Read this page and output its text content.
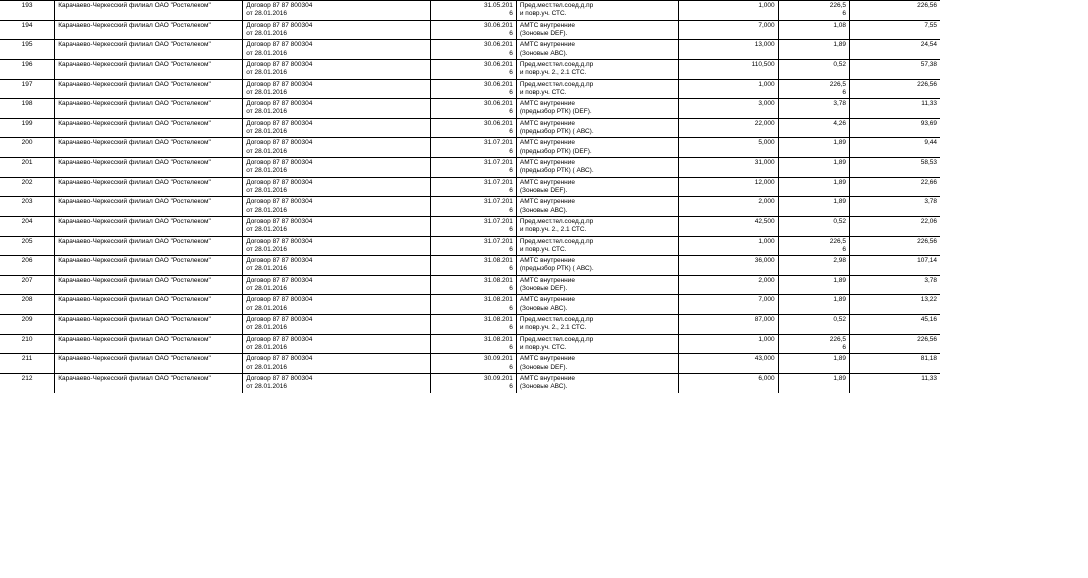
193	Карачаево-Черкесский филиал ОАО "Ростелеком"	Договор 87 87 800304
от 28.01.2016	31.05.201
6	Пред.мест.тел.соед.д.пр
и повр.уч. СТС.	1,000	226,5
6	226,56

194	Карачаево-Черкесский филиал ОАО "Ростелеком"	Договор 87 87 800304
от 28.01.2016	30.06.201
6	АМТС внутренние
(Зоновые DEF).	7,000	1,08	7,55

195	Карачаево-Черкесский филиал ОАО "Ростелеком"	Договор 87 87 800304
от 28.01.2016	30.06.201
6	АМТС внутренние
(Зоновые АВС).	13,000	1,89	24,54

196	Карачаево-Черкесский филиал ОАО "Ростелеком"	Договор 87 87 800304
от 28.01.2016	30.06.201
6	Пред.мест.тел.соед.д.пр
и повр.уч. 2., 2.1 СТС.	110,500	0,52	57,38

197	Карачаево-Черкесский филиал ОАО "Ростелеком"	Договор 87 87 800304
от 28.01.2016	30.06.201
6	Пред.мест.тел.соед.д.пр
и повр.уч. СТС.	1,000	226,5
6	226,56

198	Карачаево-Черкесский филиал ОАО "Ростелеком"	Договор 87 87 800304
от 28.01.2016	30.06.201
6	АМТС внутренние
(предызбор РТК) (DEF).	3,000	3,78	11,33

199	Карачаево-Черкесский филиал ОАО "Ростелеком"	Договор 87 87 800304
от 28.01.2016	30.06.201
6	АМТС внутренние
(предызбор РТК) ( АВС).	22,000	4,26	93,69

200	Карачаево-Черкесский филиал ОАО "Ростелеком"	Договор 87 87 800304
от 28.01.2016	31.07.201
6	АМТС внутренние
(предызбор РТК) (DEF).	5,000	1,89	9,44

201	Карачаево-Черкесский филиал ОАО "Ростелеком"	Договор 87 87 800304
от 28.01.2016	31.07.201
6	АМТС внутренние
(предызбор РТК) ( АВС).	31,000	1,89	58,53

202	Карачаево-Черкесский филиал ОАО "Ростелеком"	Договор 87 87 800304
от 28.01.2016	31.07.201
6	АМТС внутренние
(Зоновые DEF).	12,000	1,89	22,66

203	Карачаево-Черкесский филиал ОАО "Ростелеком"	Договор 87 87 800304
от 28.01.2016	31.07.201
6	АМТС внутренние
(Зоновые АВС).	2,000	1,89	3,78

204	Карачаево-Черкесский филиал ОАО "Ростелеком"	Договор 87 87 800304
от 28.01.2016	31.07.201
6	Пред.мест.тел.соед.д.пр
и повр.уч. 2., 2.1 СТС.	42,500	0,52	22,06

205	Карачаево-Черкесский филиал ОАО "Ростелеком"	Договор 87 87 800304
от 28.01.2016	31.07.201
6	Пред.мест.тел.соед.д.пр
и повр.уч. СТС.	1,000	226,5
6	226,56

206	Карачаево-Черкесский филиал ОАО "Ростелеком"	Договор 87 87 800304
от 28.01.2016	31.08.201
6	АМТС внутренние
(предызбор РТК) ( АВС).	36,000	2,98	107,14

207	Карачаево-Черкесский филиал ОАО "Ростелеком"	Договор 87 87 800304
от 28.01.2016	31.08.201
6	АМТС внутренние
(Зоновые DEF).	2,000	1,89	3,78

208	Карачаево-Черкесский филиал ОАО "Ростелеком"	Договор 87 87 800304
от 28.01.2016	31.08.201
6	АМТС внутренние
(Зоновые АВС).	7,000	1,89	13,22

209	Карачаево-Черкесский филиал ОАО "Ростелеком"	Договор 87 87 800304
от 28.01.2016	31.08.201
6	Пред.мест.тел.соед.д.пр
и повр.уч. 2., 2.1 СТС.	87,000	0,52	45,16

210	Карачаево-Черкесский филиал ОАО "Ростелеком"	Договор 87 87 800304
от 28.01.2016	31.08.201
6	Пред.мест.тел.соед.д.пр
и повр.уч. СТС.	1,000	226,5
6	226,56

211	Карачаево-Черкесский филиал ОАО "Ростелеком"	Договор 87 87 800304
от 28.01.2016	30.09.201
6	АМТС внутренние
(Зоновые DEF).	43,000	1,89	81,18

212	Карачаево-Черкесский филиал ОАО "Ростелеком"	Договор 87 87 800304
от 28.01.2016	30.09.201
6	АМТС внутренние
(Зоновые АВС).	6,000	1,89	11,33
